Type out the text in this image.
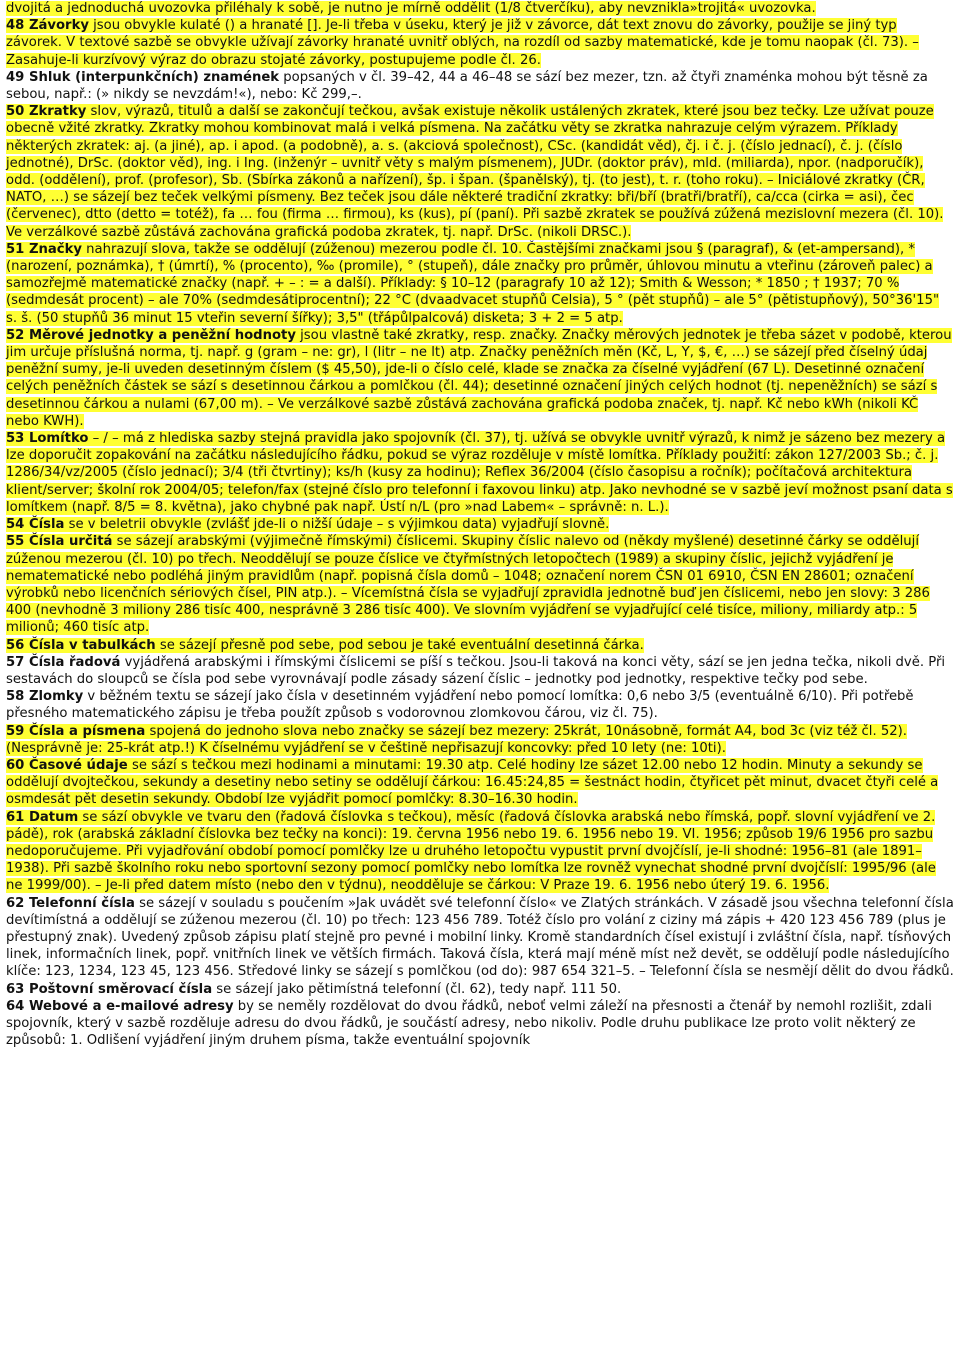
dvojitá a jednoduchá uvozovka přiléhaly k sobě, je nutno je mírně oddělit (1/8 čtverčíku), aby nevznikla»trojitá« uvozovka.

48 Závorky jsou obvykle kulaté () a hranaté []. Je-li třeba v úseku, který je již v závorce, dát text znovu do závorky, použije se jiný typ závorek. V textové sazbě se obvykle užívají závorky hranaté uvnitř oblých, na rozdíl od sazby matematické, kde je tomu naopak (čl. 73). – Zasahuje-li kurzívový výraz do obrazu stojaté závorky, postupujeme podle čl. 26.

49 Shluk (interpunkčních) znamének popsaných v čl. 39–42, 44 a 46–48 se sází bez mezer, tzn. až čtyři znaménka mohou být těsně za sebou, např.: (» nikdy se nevzdám!«), nebo: Kč 299,–.

50 Zkratky slov, výrazů, titulů a další se zakončují tečkou, avšak existuje několik ustálených zkratek, které jsou bez tečky. Lze užívat pouze obecně vžité zkratky. Zkratky mohou kombinovat malá i velká písmena. Na začátku věty se zkratka nahrazuje celým výrazem. Příklady některých zkratek: aj. (a jiné), ap. i apod. (a podobně), a. s. (akciová společnost), CSc. (kandidát věd), čj. i č. j. (číslo jednací), č. j. (číslo jednotné), DrSc. (doktor věd), ing. i Ing. (inženýr – uvnitř věty s malým písmenem), JUDr. (doktor práv), mld. (miliarda), npor. (nadporučík), odd. (oddělení), prof. (profesor), Sb. (Sbírka zákonů a nařízení), šp. i špan. (španělský), tj. (to jest), t. r. (toho roku). – Iniciálové zkratky (ČR, NATO, …) se sázejí bez teček velkými písmeny. Bez teček jsou dále některé tradiční zkratky: bři/bří (bratři/bratří), ca/cca (cirka = asi), čec (červenec), dtto (detto = totéž), fa … fou (firma … firmou), ks (kus), pí (paní). Při sazbě zkratek se používá zúžená mezislovní mezera (čl. 10). Ve verzálkové sazbě zůstává zachována grafická podoba zkratek, tj. např. DrSc. (nikoli DRSC.).

51 Značky nahrazují slova, takže se oddělují (zúženou) mezerou podle čl. 10. Častějšími značkami jsou § (paragraf), & (et-ampersand), * (narození, poznámka), † (úmrtí), % (procento), ‰ (promile), ° (stupeň), dále značky pro průměr, úhlovou minutu a vteřinu (zároveň palec) a samozřejmě matematické značky (např. + – : = a další). Příklady: § 10–12 (paragrafy 10 až 12); Smith & Wesson; * 1850 ; † 1937; 70 % (sedmdesát procent) – ale 70% (sedmdesátiprocentní); 22 °C (dvaadvacet stupňů Celsia), 5 ° (pět stupňů) – ale 5° (pětistupňový), 50°36'15" s. š. (50 stupňů 36 minut 15 vteřin severní šířky); 3,5" (třápůlpalcová) disketa; 3 + 2 = 5 atp.

52 Měrové jednotky a peněžní hodnoty jsou vlastně také zkratky, resp. značky. Značky měrových jednotek je třeba sázet v podobě, kterou jim určuje příslušná norma, tj. např. g (gram – ne: gr), l (litr – ne lt) atp. Značky peněžních měn (Kč, L, Y, $, €, …) se sázejí před číselný údaj peněžní sumy, je-li uveden desetinným číslem ($ 45,50), jde-li o číslo celé, klade se značka za číselné vyjádření (67 L). Desetinné označení celých peněžních částek se sází s desetinnou čárkou a pomlčkou (čl. 44); desetinné označení jiných celých hodnot (tj. nepeněžních) se sází s desetinnou čárkou a nulami (67,00 m). – Ve verzálkové sazbě zůstává zachována grafická podoba značek, tj. např. Kč nebo kWh (nikoli KČ nebo KWH).

53 Lomítko – / – má z hlediska sazby stejná pravidla jako spojovník (čl. 37), tj. užívá se obvykle uvnitř výrazů, k nimž je sázeno bez mezery a lze doporučit zopakování na začátku následujícího řádku, pokud se výraz rozděluje v místě lomítka. Příklady použití: zákon 127/2003 Sb.; č. j. 1286/34/vz/2005 (číslo jednací); 3/4 (tři čtvrtiny); ks/h (kusy za hodinu); Reflex 36/2004 (číslo časopisu a ročník); počítačová architektura klient/server; školní rok 2004/05; telefon/fax (stejné číslo pro telefonní i faxovou linku) atp. Jako nevhodné se v sazbě jeví možnost psaní data s lomítkem (např. 8/5 = 8. května), jako chybné pak např. Ústí n/L (pro »nad Labem« – správně: n. L.).

54 Čísla se v beletrii obvykle (zvlášť jde-li o nižší údaje – s výjimkou data) vyjadřují slovně.

55 Čísla určitá se sázejí arabskými (výjimečně římskými) číslicemi. Skupiny číslic nalevo od (někdy myšlené) desetinné čárky se oddělují zúženou mezerou (čl. 10) po třech. Neoddělují se pouze číslice ve čtyřmístných letopočtech (1989) a skupiny číslic, jejichž vyjádření je nematematické nebo podléhá jiným pravidlům (např. popisná čísla domů – 1048; označení norem ČSN 01 6910, ČSN EN 28601; označení výrobků nebo licenčních sériových čísel, PIN atp.). – Vícemístná čísla se vyjadřují zpravidla jednotně buď jen číslicemi, nebo jen slovy: 3 286 400 (nevhodně 3 miliony 286 tisíc 400, nesprávně 3 286 tisíc 400). Ve slovním vyjádření se vyjadřující celé tisíce, miliony, miliardy atp.: 5 milionů; 460 tisíc atp.

56 Čísla v tabulkách se sázejí přesně pod sebe, pod sebou je také eventuální desetinná čárka.

57 Čísla řadová vyjádřená arabskými i římskými číslicemi se píší s tečkou. Jsou-li taková na konci věty, sází se jen jedna tečka, nikoli dvě. Při sestavách do sloupců se čísla pod sebe vyrovnávají podle zásady sázení číslic – jednotky pod jednotky, respektive tečky pod sebe.

58 Zlomky v běžném textu se sázejí jako čísla v desetinném vyjádření nebo pomocí lomítka: 0,6 nebo 3/5 (eventuálně 6/10). Při potřebě přesného matematického zápisu je třeba použít způsob s vodorovnou zlomkovou čárou, viz čl. 75).

59 Čísla a písmena spojená do jednoho slova nebo značky se sázejí bez mezery: 25krát, 10násobně, formát A4, bod 3c (viz též čl. 52). (Nesprávně je: 25-krát atp.!) K číselnému vyjádření se v češtině nepřisazují koncovky: před 10 lety (ne: 10ti).

60 Časové údaje se sází s tečkou mezi hodinami a minutami: 19.30 atp. Celé hodiny lze sázet 12.00 nebo 12 hodin. Minuty a sekundy se oddělují dvojtečkou, sekundy a desetiny nebo setiny se oddělují čárkou: 16.45:24,85 = šestnáct hodin, čtyřicet pět minut, dvacet čtyři celé a osmdesát pět desetin sekundy. Období lze vyjádřit pomocí pomlčky: 8.30–16.30 hodin.

61 Datum se sází obvykle ve tvaru den (řadová číslovka s tečkou), měsíc (řadová číslovka arabská nebo římská, popř. slovní vyjádření ve 2. pádě), rok (arabská základní číslovka bez tečky na konci): 19. června 1956 nebo 19. 6. 1956 nebo 19. VI. 1956; způsob 19/6 1956 pro sazbu nedoporučujeme. Při vyjadřování období pomocí pomlčky lze u druhého letopočtu vypustit první dvojčíslí, je-li shodné: 1956–81 (ale 1891–1938). Při sazbě školního roku nebo sportovní sezony pomocí pomlčky nebo lomítka lze rovněž vynechat shodné první dvojčíslí: 1995/96 (ale ne 1999/00). – Je-li před datem místo (nebo den v týdnu), neodděluje se čárkou: V Praze 19. 6. 1956 nebo úterý 19. 6. 1956.

62 Telefonní čísla se sázejí v souladu s poučením »Jak uvádět své telefonní číslo« ve Zlatých stránkách. V zásadě jsou všechna telefonní čísla devítimístná a oddělují se zúženou mezerou (čl. 10) po třech: 123 456 789. Totéž číslo pro volání z ciziny má zápis + 420 123 456 789 (plus je přestupný znak). Uvedený způsob zápisu platí stejně pro pevné i mobilní linky. Kromě standardních čísel existují i zvláštní čísla, např. tísňových linek, informačních linek, popř. vnitřních linek ve větších firmách. Taková čísla, která mají méně míst než devět, se oddělují podle následujícího klíče: 123, 1234, 123 45, 123 456. Středové linky se sázejí s pomlčkou (od do): 987 654 321–5. – Telefonní čísla se nesmějí dělit do dvou řádků.

63 Poštovní směrovací čísla se sázejí jako pětimístná telefonní (čl. 62), tedy např. 111 50.

64 Webové a e-mailové adresy by se neměly rozdělovat do dvou řádků, neboť velmi záleží na přesnosti a čtenář by nemohl rozlišit, zdali spojovník, který v sazbě rozděluje adresu do dvou řádků, je součástí adresy, nebo nikoliv. Podle druhu publikace lze proto volit některý ze způsobů: 1. Odlišení vyjádření jiným druhem písma, takže eventuální spojovník
